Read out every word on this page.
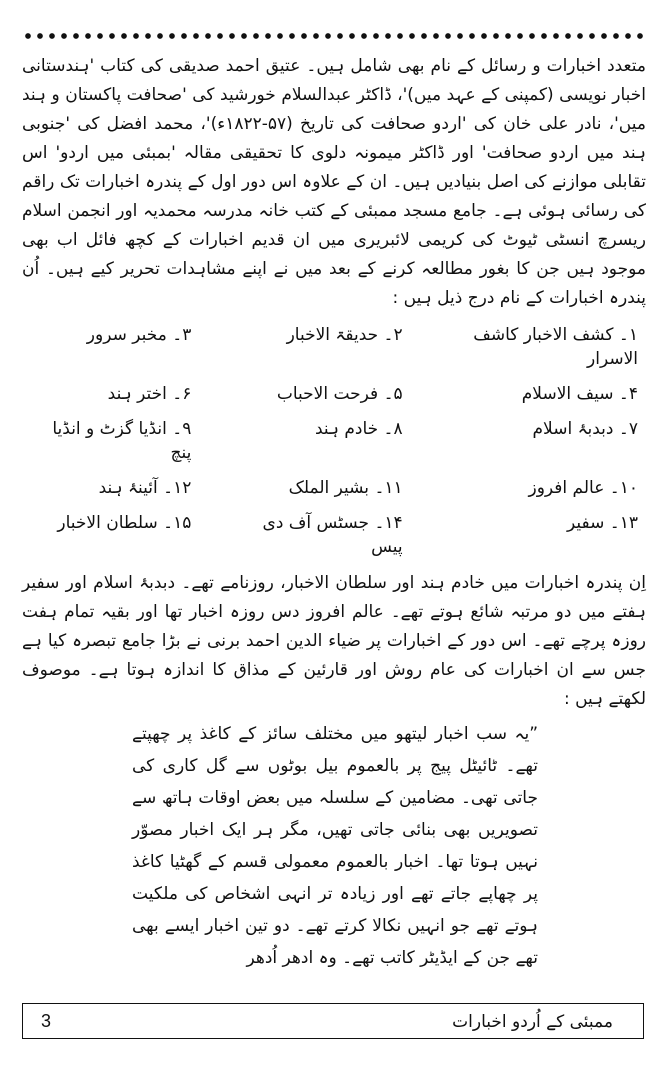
متعدد اخبارات و رسائل کے نام بھی شامل ہیں۔ عتیق احمد صدیقی کی کتاب 'ہندستانی اخبار نویسی (کمپنی کے عہد میں)'، ڈاکٹر عبدالسلام خورشید کی 'صحافت پاکستان و ہند میں'، نادر علی خان کی 'اردو صحافت کی تاریخ (۵۷-۱۸۲۲ء)'، محمد افضل کی 'جنوبی ہند میں اردو صحافت' اور ڈاکٹر میمونہ دلوی کا تحقیقی مقالہ 'بمبئی میں اردو' اس تقابلی موازنے کی اصل بنیادیں ہیں۔ ان کے علاوہ اس دور اول کے پندرہ اخبارات تک راقم کی رسائی ہوئی ہے۔ جامع مسجد ممبئی کے کتب خانہ مدرسہ محمدیہ اور انجمن اسلام ریسرچ انسٹی ٹیوٹ کی کریمی لائبریری میں ان قدیم اخبارات کے کچھ فائل اب بھی موجود ہیں جن کا بغور مطالعہ کرنے کے بعد میں نے اپنے مشاہدات تحریر کیے ہیں۔ اُن پندرہ اخبارات کے نام درج ذیل ہیں :

۱۔ کشف الاخبار کاشف الاسرار
۲۔ حدیقۃ الاخبار
۳۔ مخبر سرور
۴۔ سیف الاسلام
۵۔ فرحت الاحباب
۶۔ اختر ہند
۷۔ دبدبۂ اسلام
۸۔ خادم ہند
۹۔ انڈیا گزٹ و انڈیا پنچ
۱۰۔ عالم افروز
۱۱۔ بشیر الملک
۱۲۔ آئینۂ ہند
۱۳۔ سفیر
۱۴۔ جسٹس آف دی پیس
۱۵۔ سلطان الاخبار

اِن پندرہ اخبارات میں خادم ہند اور سلطان الاخبار، روزنامے تھے۔ دبدبۂ اسلام اور سفیر ہفتے میں دو مرتبہ شائع ہوتے تھے۔ عالم افروز دس روزہ اخبار تھا اور بقیہ تمام ہفت روزہ پرچے تھے۔ اس دور کے اخبارات پر ضیاء الدین احمد برنی نے بڑا جامع تبصرہ کیا ہے جس سے ان اخبارات کی عام روش اور قارئین کے مذاق کا اندازہ ہوتا ہے۔ موصوف لکھتے ہیں :

”یہ سب اخبار لیتھو میں مختلف سائز کے کاغذ پر چھپتے تھے۔ ٹائیٹل پیج پر بالعموم بیل بوٹوں سے گل کاری کی جاتی تھی۔ مضامین کے سلسلہ میں بعض اوقات ہاتھ سے تصویریں بھی بنائی جاتی تھیں، مگر ہر ایک اخبار مصوّر نہیں ہوتا تھا۔ اخبار بالعموم معمولی قسم کے گھٹیا کاغذ پر چھاپے جاتے تھے اور زیادہ تر انہی اشخاص کی ملکیت ہوتے تھے جو انہیں نکالا کرتے تھے۔ دو تین اخبار ایسے بھی تھے جن کے ایڈیٹر کاتب تھے۔ وہ ادھر اُدھر

3	ممبئی کے اُردو اخبارات
